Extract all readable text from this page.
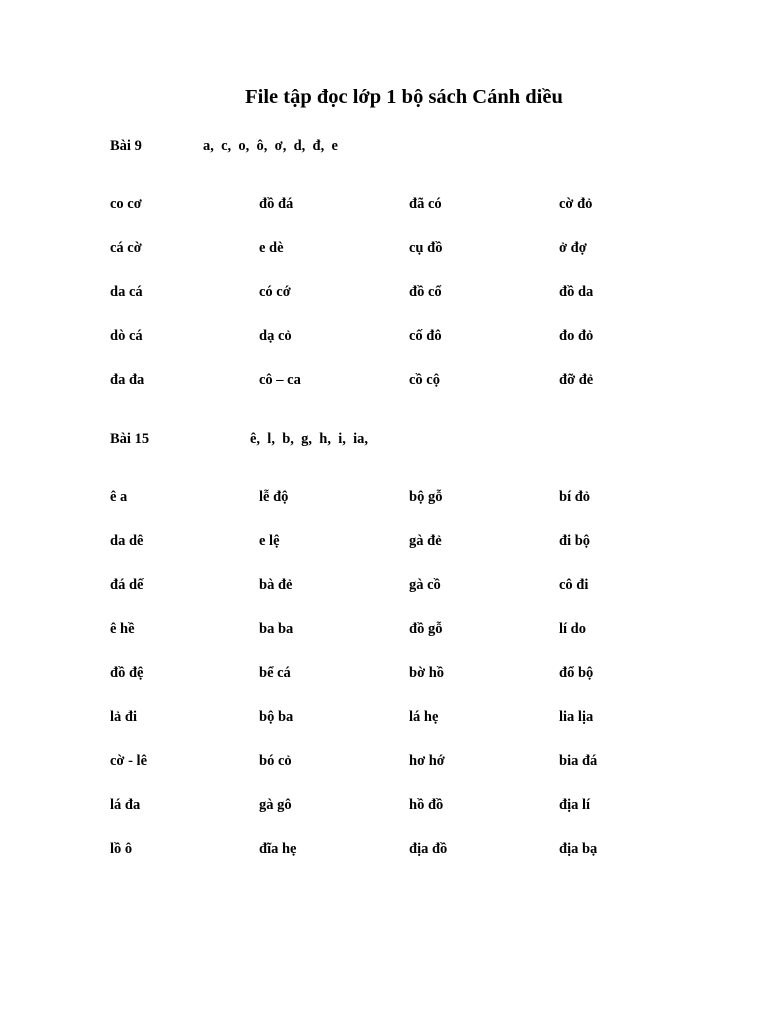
File tập đọc lớp 1 bộ sách Cánh diều
Bài 9	a,  c,  o,  ô,  ơ,  d,  đ,  e
co cơ	đồ đá	đã có	cờ đỏ
cá cờ	e dè	cụ đồ	ở đợ
da cá	có cớ	đồ cổ	đồ da
dò cá	dạ cỏ	cố đô	đo đỏ
đa đa	cô – ca	cồ cộ	đỡ đẻ
Bài 15	ê,  l,  b,  g,  h,  i,  ia,
ê a	lễ độ	bộ gỗ	bí đỏ
da dê	e lệ	gà đẻ	đi bộ
đá dế	bà đẻ	gà cồ	cô đi
ê hề	ba ba	đồ gỗ	lí do
đồ đệ	bể cá	bờ hồ	đổ bộ
lả đi	bộ ba	lá hẹ	lia lịa
cờ - lê	bó cỏ	hơ hớ	bia đá
lá đa	gà gô	hồ đồ	địa lí
lồ ô	đĩa hẹ	địa đồ	địa bạ
